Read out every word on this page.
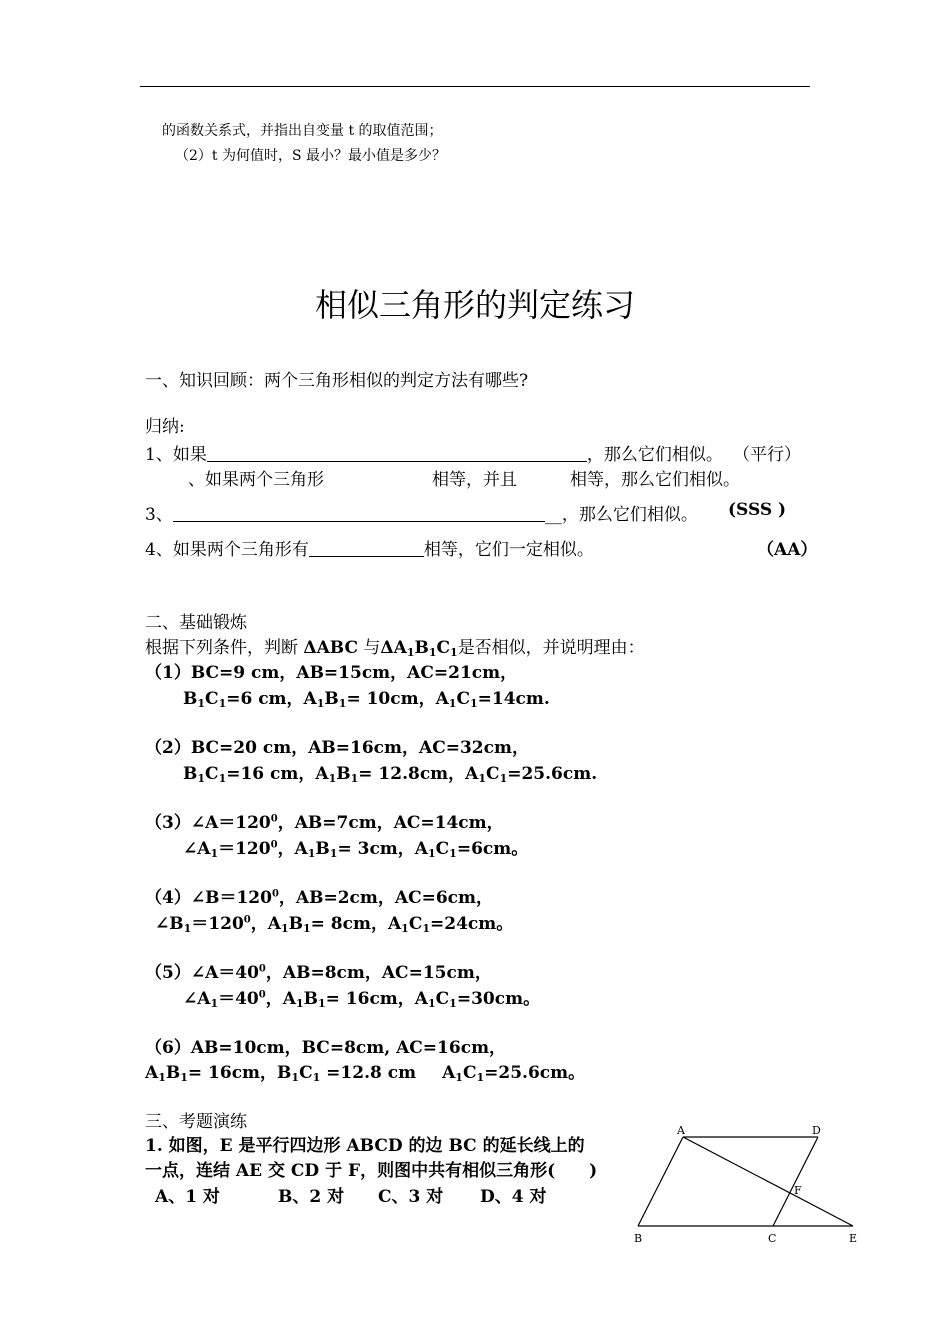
的函数关系式，并指出自变量 t 的取值范围；
（2）t 为何值时，S 最小？最小值是多少？
相似三角形的判定练习
一、知识回顾：两个三角形相似的判定方法有哪些?
归纳:
1、如果	，那么它们相似。 （平行）
、如果两个三角形	相等，并且	相等，那么它们相似。
3、	__，那么它们相似。 (SSS )
4、如果两个三角形有	相等，它们一定相似。	（AA）
二、基础锻炼
根据下列条件，判断 ΔABC 与$\Delta A_1B_1C_1$是否相似，并说明理由：
（1）BC=9 cm，AB=15cm，AC=21cm，
$B_1C_1=6$ cm，$A_1B_1= 10cm$，$A_1C_1=14cm$.
（2）BC=20 cm，AB=16cm，AC=32cm，
$B_1C_1=16$ cm，$A_1B_1= 12.8cm$，$A_1C_1=25.6cm$.
$(3)\angle A=120^0$，AB=7cm，AC=14cm，
$\angle A_1=120^0$，$A_1B_1= 3cm$，$A_1C_1=6cm$。
$(4)\angle B=120^0$，AB=2cm，AC=6cm，
$\angle B_1=120^0$，$A_1B_1= 8cm$，$A_1C_1=24cm$。
$(5)\angle A=40^0$，AB=8cm，AC=15cm，
$\angle A_1=40^0$，$A_1B_1= 16cm$，$A_1C_1=30cm$。
（6）AB=10cm，BC=8cm, AC=16cm，
$A_1B_1= 16cm$，$B_1C_1 =12.8$ cm $A_1C_1=25.6cm$。
三、考题演练
1. 如图，E 是平行四边形 ABCD 的边 BC 的延长线上的
一点，连结 AE 交 CD 于 F，则图中共有相似三角形(　　)
A、1 对	B、2 对 C、3 对 D、4 对
A	D
F
B	C	E
